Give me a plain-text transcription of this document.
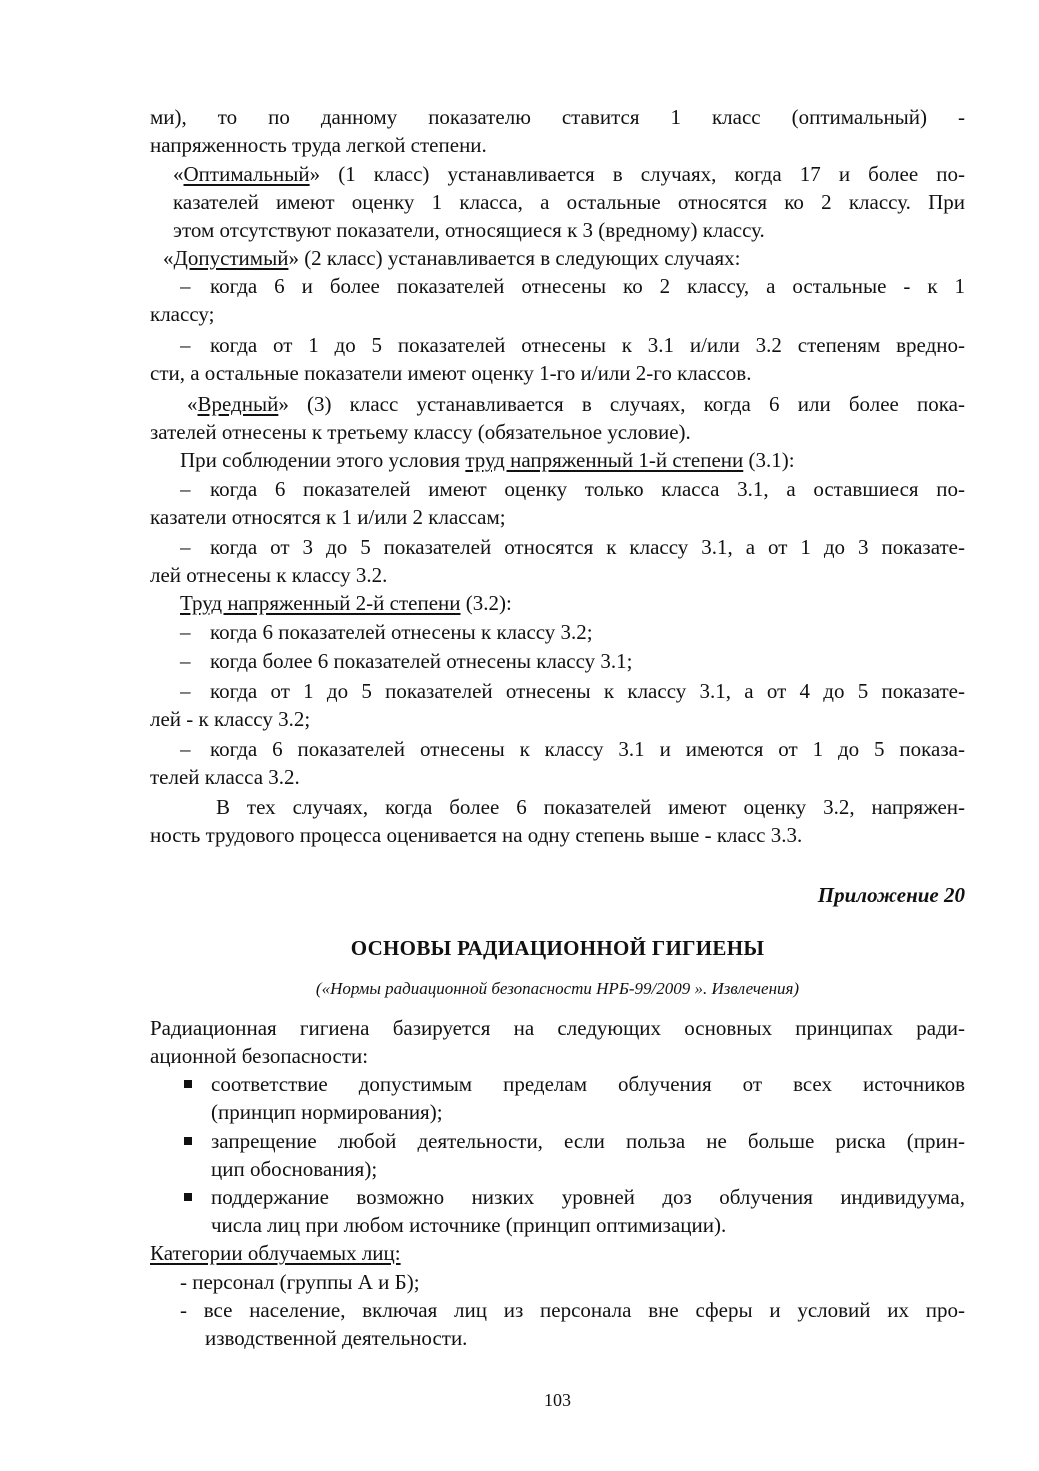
ми), то по данному показателю ставится 1 класс (оптимальный) -
напряженность труда легкой степени.
«Оптимальный» (1 класс) устанавливается в случаях, когда 17 и более по-
казателей имеют оценку 1 класса, а остальные относятся ко 2 классу. При
этом отсутствуют показатели, относящиеся к 3 (вредному) классу.
«Допустимый» (2 класс) устанавливается в следующих случаях:
– когда 6 и более показателей отнесены ко 2 классу, а остальные - к 1
классу;
– когда от 1 до 5 показателей отнесены к 3.1 и/или 3.2 степеням вредно-
сти, а остальные показатели имеют оценку 1-го и/или 2-го классов.
«Вредный» (3) класс устанавливается в случаях, когда 6 или более пока-
зателей отнесены к третьему классу (обязательное условие).
При соблюдении этого условия труд напряженный 1-й степени (3.1):
– когда 6 показателей имеют оценку только класса 3.1, а оставшиеся по-
казатели относятся к 1 и/или 2 классам;
– когда от 3 до 5 показателей относятся к классу 3.1, а от 1 до 3 показате-
лей отнесены к классу 3.2.
Труд напряженный 2-й степени (3.2):
– когда 6 показателей отнесены к классу 3.2;
– когда более 6 показателей отнесены классу 3.1;
– когда от 1 до 5 показателей отнесены к классу 3.1, а от 4 до 5 показате-
лей - к классу 3.2;
– когда 6 показателей отнесены к классу 3.1 и имеются от 1 до 5 показа-
телей класса 3.2.
В тех случаях, когда более 6 показателей имеют оценку 3.2, напряжен-
ность трудового процесса оценивается на одну степень выше - класс 3.3.
Приложение 20
ОСНОВЫ РАДИАЦИОННОЙ ГИГИЕНЫ
(«Нормы радиационной безопасности НРБ-99/2009 ». Извлечения)
Радиационная гигиена базируется на следующих основных принципах ради-
ационной безопасности:
соответствие допустимым пределам облучения от всех источников
(принцип нормирования);
запрещение любой деятельности, если польза не больше риска (прин-
цип обоснования);
поддержание возможно низких уровней доз облучения индивидуума,
числа лиц при любом источнике (принцип оптимизации).
Категории облучаемых лиц:
- персонал (группы А и Б);
- все население, включая лиц из персонала вне сферы и условий их про-
изводственной деятельности.
103
